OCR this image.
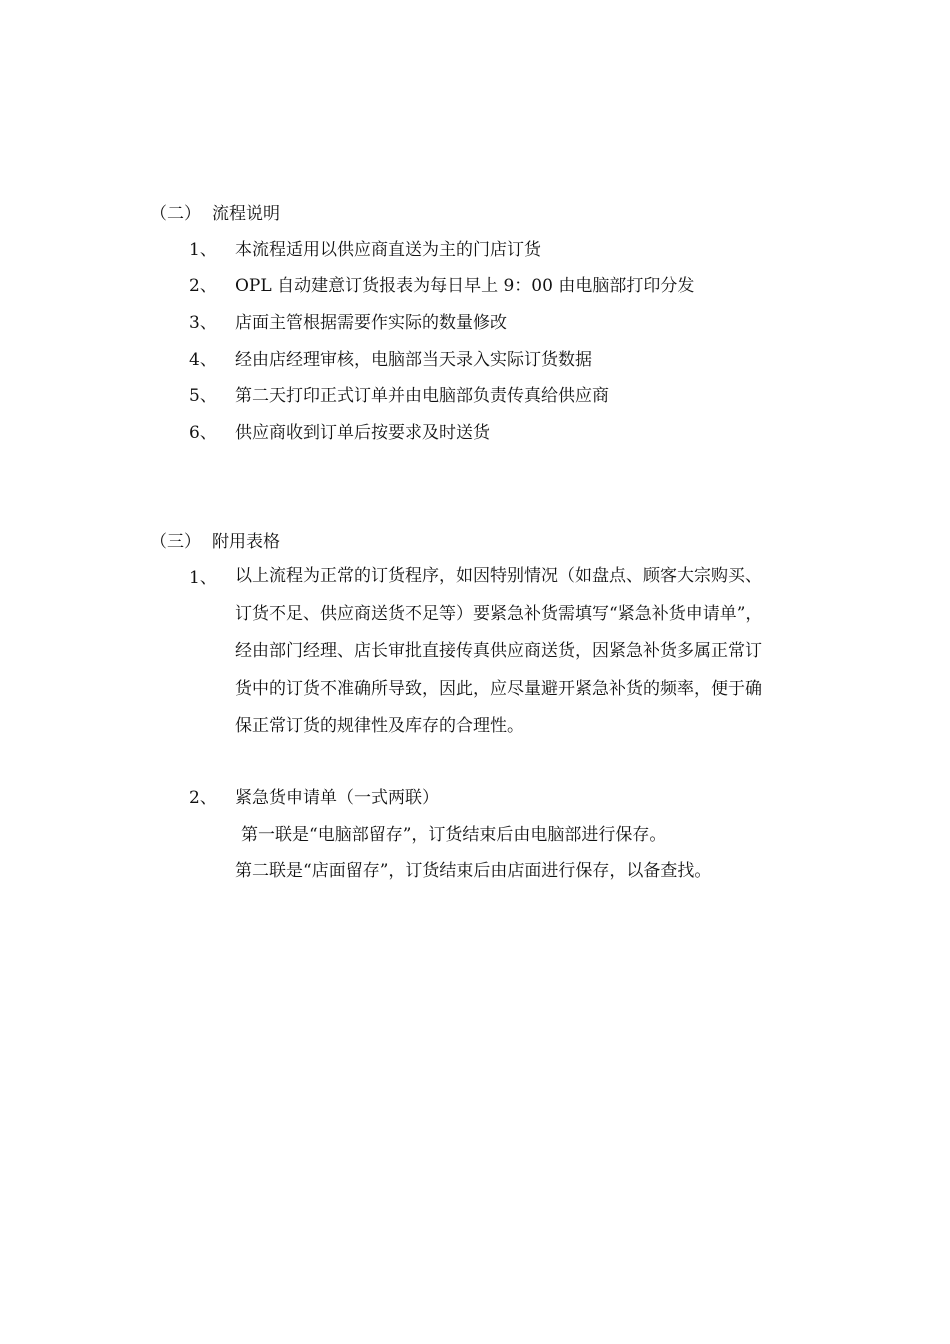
（二） 流程说明
1、 本流程适用以供应商直送为主的门店订货
2、 OPL 自动建意订货报表为每日早上 9：00 由电脑部打印分发
3、 店面主管根据需要作实际的数量修改
4、 经由店经理审核，电脑部当天录入实际订货数据
5、 第二天打印正式订单并由电脑部负责传真给供应商
6、 供应商收到订单后按要求及时送货
（三） 附用表格
1、	以上流程为正常的订货程序，如因特别情况（如盘点、顾客大宗购买、
订货不足、供应商送货不足等）要紧急补货需填写“紧急补货申请单”，
经由部门经理、店长审批直接传真供应商送货，因紧急补货多属正常订
货中的订货不准确所导致，因此，应尽量避开紧急补货的频率，便于确
保正常订货的规律性及库存的合理性。
2、 紧急货申请单（一式两联）
第一联是“电脑部留存”，订货结束后由电脑部进行保存。
第二联是“店面留存”，订货结束后由店面进行保存，以备查找。
